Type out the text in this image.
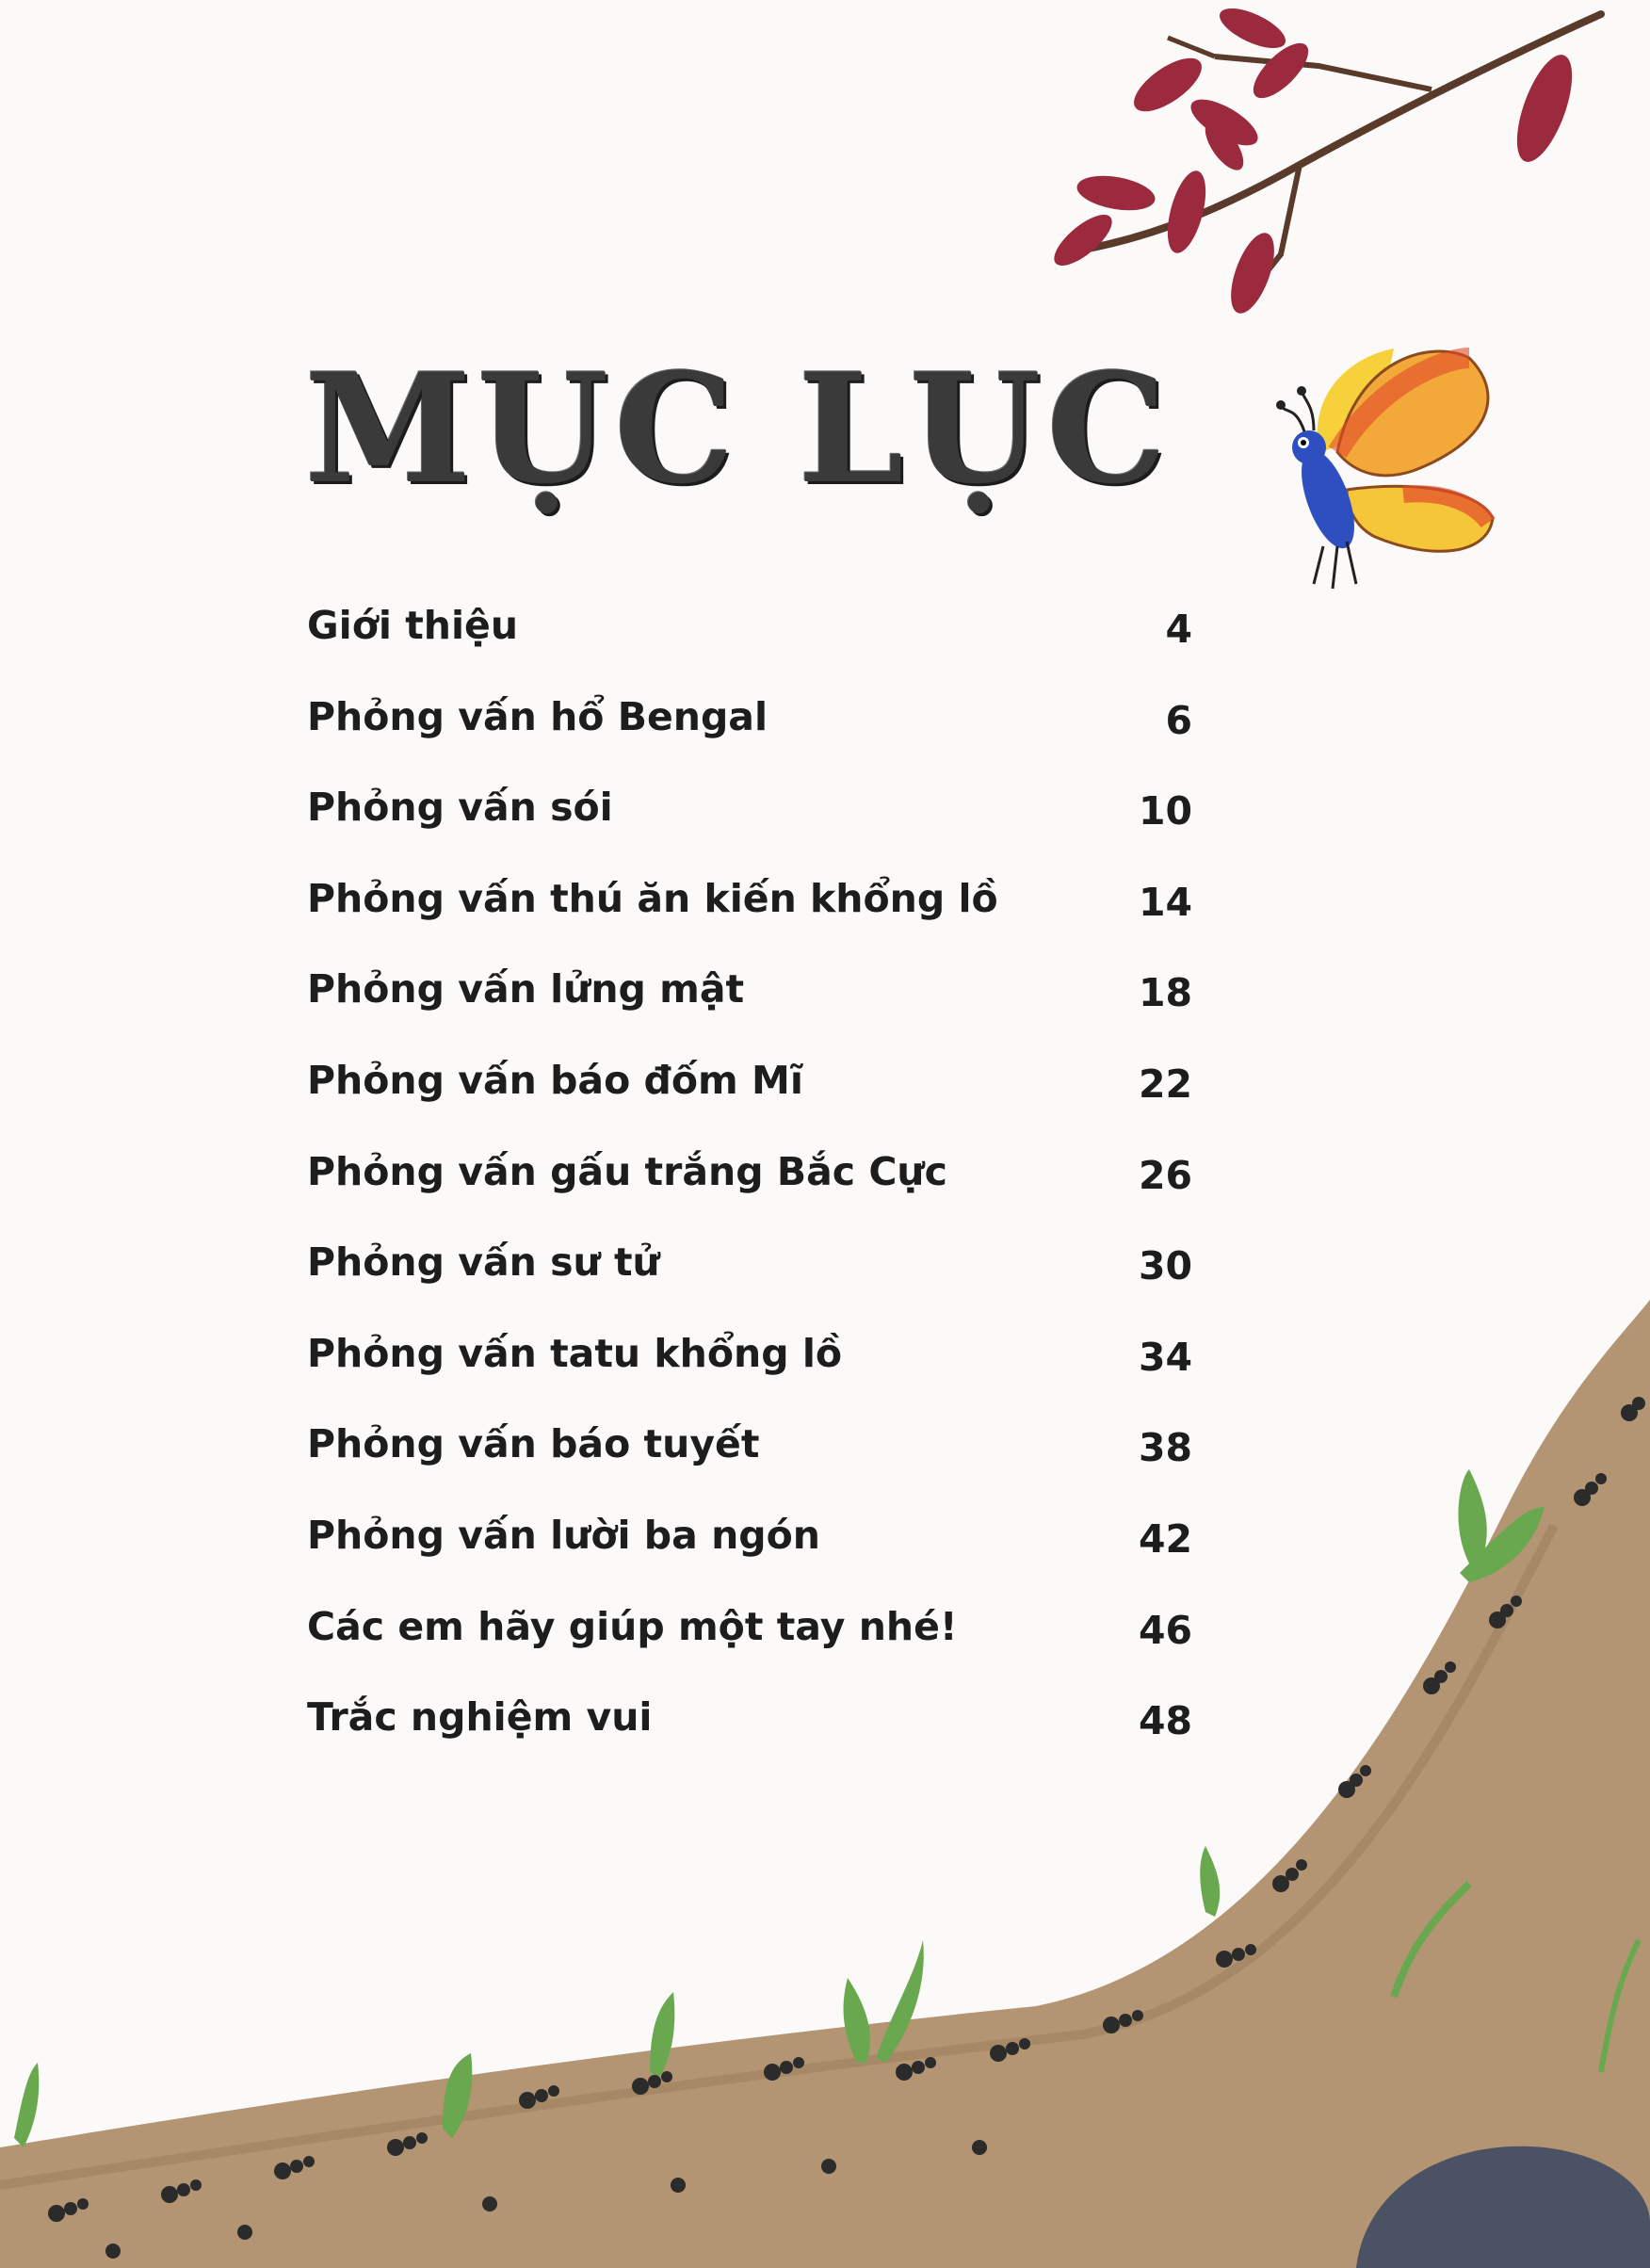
MỤC LỤC
Giới thiệu	4
Phỏng vấn hổ Bengal	6
Phỏng vấn sói	10
Phỏng vấn thú ăn kiến khổng lồ	14
Phỏng vấn lửng mật	18
Phỏng vấn báo đốm Mĩ	22
Phỏng vấn gấu trắng Bắc Cực	26
Phỏng vấn sư tử	30
Phỏng vấn tatu khổng lồ	34
Phỏng vấn báo tuyết	38
Phỏng vấn lười ba ngón	42
Các em hãy giúp một tay nhé!	46
Trắc nghiệm vui	48
